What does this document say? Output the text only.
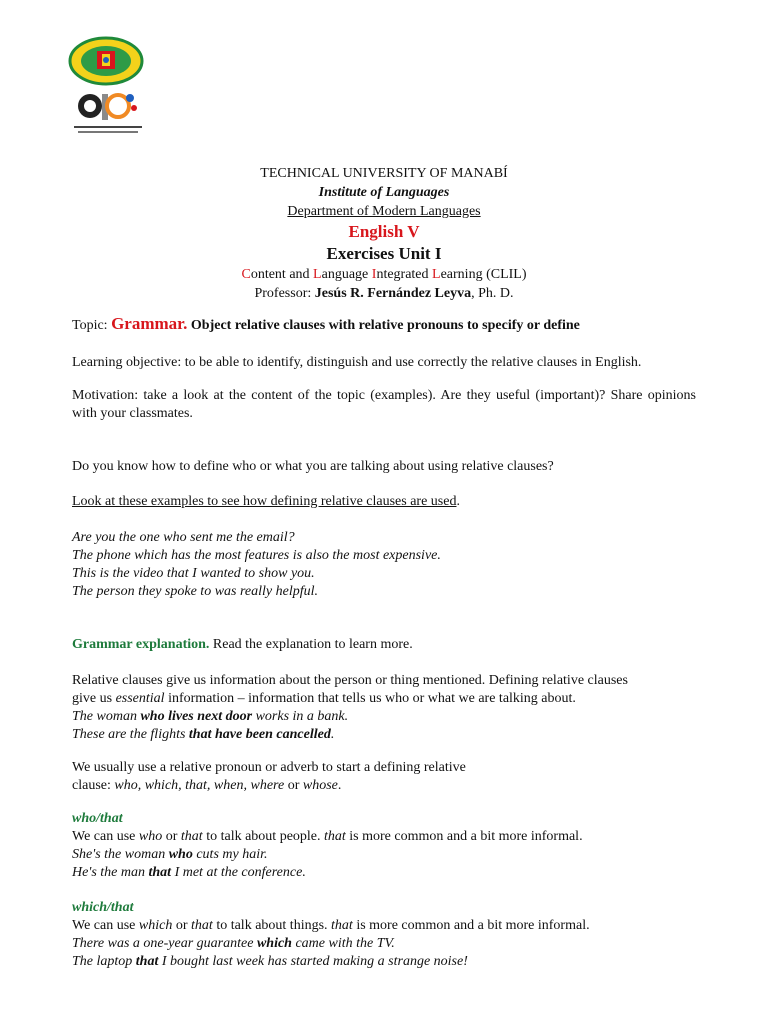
TECHNICAL UNIVERSITY OF MANABÍ

Institute of Languages

Department of Modern Languages

English V

Exercises Unit I

Content and Language Integrated Learning (CLIL)

Professor: Jesús R. Fernández Leyva, Ph. D.

Topic: Grammar. Object relative clauses with relative pronouns to specify or define
Learning objective: to be able to identify, distinguish and use correctly the relative clauses in English.
Motivation: take a look at the content of the topic (examples). Are they useful (important)? Share opinions with your classmates.
Do you know how to define who or what you are talking about using relative clauses?
Look at these examples to see how defining relative clauses are used.

Are you the one who sent me the email?

The phone which has the most features is also the most expensive.

This is the video that I wanted to show you.

The person they spoke to was really helpful.

Grammar explanation. Read the explanation to learn more.

Relative clauses give us information about the person or thing mentioned. Defining relative clauses

give us essential information – information that tells us who or what we are talking about.

The woman who lives next door works in a bank.

These are the flights that have been cancelled.

We usually use a relative pronoun or adverb to start a defining relative

clause: who, which, that, when, where or whose.

who/that

We can use who or that to talk about people. that is more common and a bit more informal.

She's the woman who cuts my hair.

He's the man that I met at the conference.

which/that

We can use which or that to talk about things. that is more common and a bit more informal.

There was a one-year guarantee which came with the TV.

The laptop that I bought last week has started making a strange noise!
